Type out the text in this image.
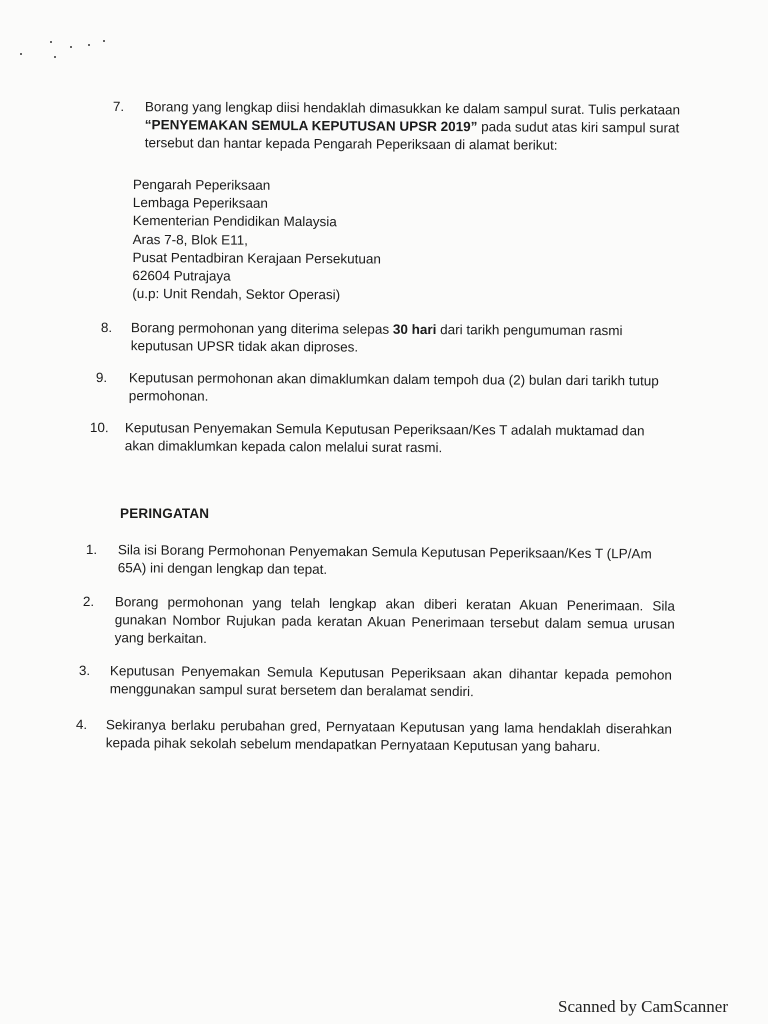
7.	Borang yang lengkap diisi hendaklah dimasukkan ke dalam sampul surat. Tulis perkataan “PENYEMAKAN SEMULA KEPUTUSAN UPSR 2019” pada sudut atas kiri sampul surat tersebut dan hantar kepada Pengarah Peperiksaan di alamat berikut:
Pengarah Peperiksaan
Lembaga Peperiksaan
Kementerian Pendidikan Malaysia
Aras 7-8, Blok E11,
Pusat Pentadbiran Kerajaan Persekutuan
62604 Putrajaya
(u.p: Unit Rendah, Sektor Operasi)
8.	Borang permohonan yang diterima selepas 30 hari dari tarikh pengumuman rasmi keputusan UPSR tidak akan diproses.
9.	Keputusan permohonan akan dimaklumkan dalam tempoh dua (2) bulan dari tarikh tutup permohonan.
10.	Keputusan Penyemakan Semula Keputusan Peperiksaan/Kes T adalah muktamad dan akan dimaklumkan kepada calon melalui surat rasmi.
PERINGATAN
1.	Sila isi Borang Permohonan Penyemakan Semula Keputusan Peperiksaan/Kes T (LP/Am 65A) ini dengan lengkap dan tepat.
2.	Borang permohonan yang telah lengkap akan diberi keratan Akuan Penerimaan. Sila gunakan Nombor Rujukan pada keratan Akuan Penerimaan tersebut dalam semua urusan yang berkaitan.
3.	Keputusan Penyemakan Semula Keputusan Peperiksaan akan dihantar kepada pemohon menggunakan sampul surat bersetem dan beralamat sendiri.
4.	Sekiranya berlaku perubahan gred, Pernyataan Keputusan yang lama hendaklah diserahkan kepada pihak sekolah sebelum mendapatkan Pernyataan Keputusan yang baharu.
Scanned by CamScanner
